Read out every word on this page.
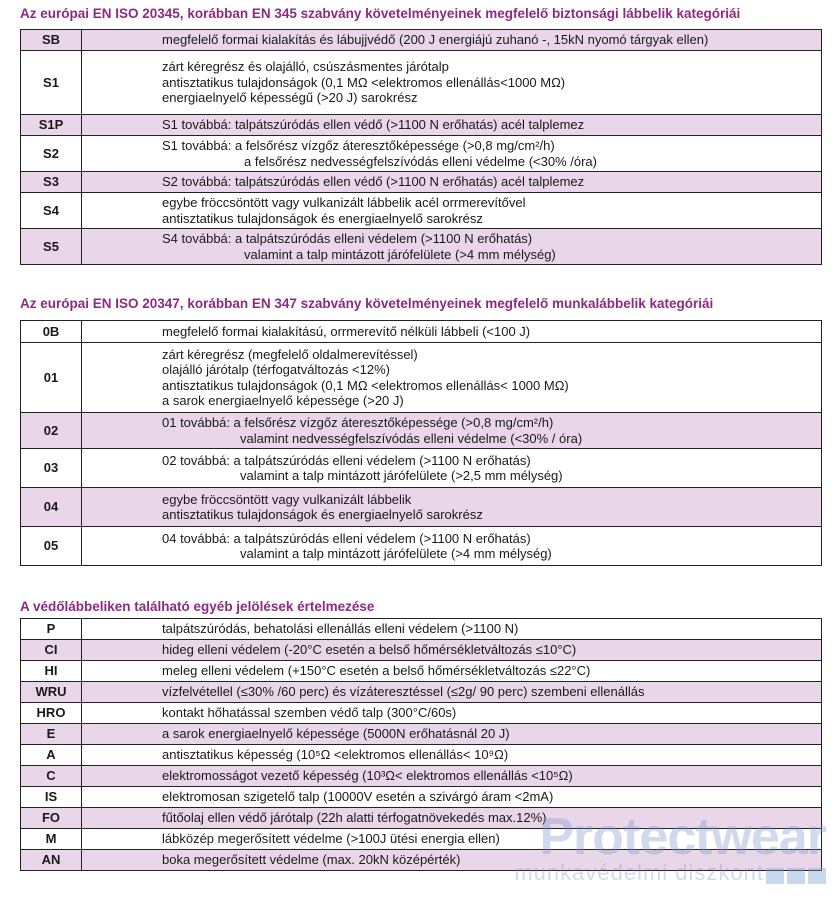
Az európai EN ISO 20345, korábban EN 345 szabvány követelményeinek megfelelő biztonsági lábbelik kategóriái
SB	megfelelő formai kialakítás és lábujjvédő (200 J energiájú zuhanó -, 15kN nyomó tárgyak ellen)

S1	zárt kéregrész és olajálló, csúszásmentes járótalp
antisztatikus tulajdonságok (0,1 MΩ <elektromos ellenállás<1000 MΩ)
energiaelnyelő képességű (>20 J) sarokrész

S1P	S1 továbbá: talpátszúródás ellen védő (>1100 N erőhatás) acél talplemez

S2	S1 továbbá: a felsőrész vízgőz áteresztőképessége (>0,8 mg/cm²/h)
a felsőrész nedvességfelszívódás elleni védelme (<30% /óra)

S3	S2 továbbá: talpátszúródás ellen védő (>1100 N erőhatás) acél talplemez

S4	egybe fröccsöntött vagy vulkanizált lábbelik acél orrmerevítővel
antisztatikus tulajdonságok és energiaelnyelő sarokrész

S5	S4 továbbá: a talpátszúródás elleni védelem (>1100 N erőhatás)
valamint a talp mintázott járófelülete (>4 mm mélység)
Az európai EN ISO 20347, korábban EN 347 szabvány követelményeinek megfelelő munkalábbelik kategóriái
0B	megfelelő formai kialakítású, orrmerevítő nélküli lábbeli (<100 J)

01	zárt kéregrész (megfelelő oldalmerevítéssel)
olajálló járótalp (térfogatváltozás <12%)
antisztatikus tulajdonságok (0,1 MΩ <elektromos ellenállás< 1000 MΩ)
a sarok energiaelnyelő képessége (>20 J)

02	01 továbbá: a felsőrész vízgőz áteresztőképessége (>0,8 mg/cm²/h)
valamint nedvességfelszívódás elleni védelme (<30% / óra)

03	02 továbbá: a talpátszúródás elleni védelem (>1100 N erőhatás)
valamint a talp mintázott járófelülete (>2,5 mm mélység)

04	egybe fröccsöntött vagy vulkanizált lábbelik
antisztatikus tulajdonságok és energiaelnyelő sarokrész

05	04 továbbá: a talpátszúródás elleni védelem (>1100 N erőhatás)
valamint a talp mintázott járófelülete (>4 mm mélység)
A védőlábbeliken található egyéb jelölések értelmezése
P	talpátszúródás, behatolási ellenállás elleni védelem (>1100 N)

CI	hideg elleni védelem (-20°C esetén a belső hőmérsékletváltozás ≤10°C)

HI	meleg elleni védelem (+150°C esetén a belső hőmérsékletváltozás ≤22°C)

WRU	vízfelvétellel (≤30% /60 perc) és vízáteresztéssel (≤2g/ 90 perc) szembeni ellenállás

HRO	kontakt hőhatással szemben védő talp (300°C/60s)

E	a sarok energiaelnyelő képessége (5000N erőhatásnál 20 J)

A	antisztatikus képesség (10⁵Ω <elektromos ellenállás< 10⁹Ω)

C	elektromosságot vezető képesség (10³Ω< elektromos ellenállás <10⁵Ω)

IS	elektromosan szigetelő talp (10000V esetén a szivárgó áram <2mA)

FO	fűtőolaj ellen védő járótalp (22h alatti térfogatnövekedés max.12%)

M	lábközép megerősített védelme (>100J ütési energia ellen)

AN	boka megerősített védelme (max. 20kN középérték)	Protectwear
munkavédelmi diszkont
